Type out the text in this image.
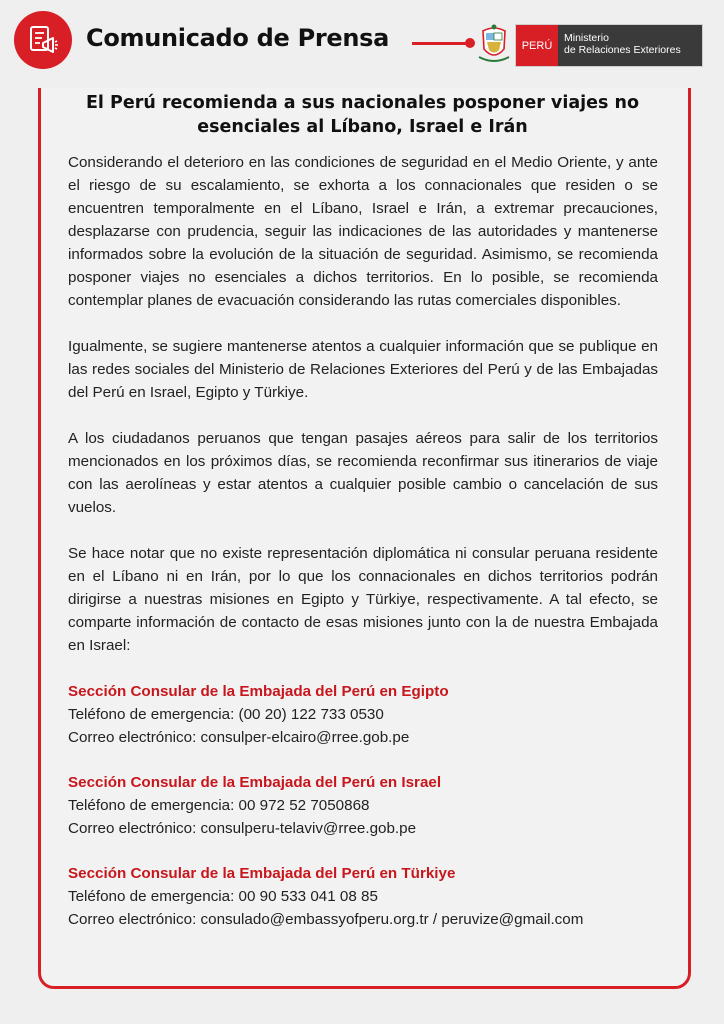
Comunicado de Prensa	PERÚ
Ministerio
de Relaciones Exteriores
El Perú recomienda a sus nacionales posponer viajes no esenciales al Líbano, Israel e Irán

Considerando el deterioro en las condiciones de seguridad en el Medio Oriente, y ante el riesgo de su escalamiento, se exhorta a los connacionales que residen o se encuentren temporalmente en el Líbano, Israel e Irán, a extremar precauciones, desplazarse con prudencia, seguir las indicaciones de las autoridades y mantenerse informados sobre la evolución de la situación de seguridad. Asimismo, se recomienda posponer viajes no esenciales a dichos territorios. En lo posible, se recomienda contemplar planes de evacuación considerando las rutas comerciales disponibles.

Igualmente, se sugiere mantenerse atentos a cualquier información que se publique en las redes sociales del Ministerio de Relaciones Exteriores del Perú y de las Embajadas del Perú en Israel, Egipto y Türkiye.

A los ciudadanos peruanos que tengan pasajes aéreos para salir de los territorios mencionados en los próximos días, se recomienda reconfirmar sus itinerarios de viaje con las aerolíneas y estar atentos a cualquier posible cambio o cancelación de sus vuelos.

Se hace notar que no existe representación diplomática ni consular peruana residente en el Líbano ni en Irán, por lo que los connacionales en dichos territorios podrán dirigirse a nuestras misiones en Egipto y Türkiye, respectivamente. A tal efecto, se comparte información de contacto de esas misiones junto con la de nuestra Embajada en Israel:

Sección Consular de la Embajada del Perú en Egipto
Teléfono de emergencia: (00 20) 122 733 0530
Correo electrónico: consulper-elcairo@rree.gob.pe
Sección Consular de la Embajada del Perú en Israel
Teléfono de emergencia: 00 972 52 7050868
Correo electrónico: consulperu-telaviv@rree.gob.pe
Sección Consular de la Embajada del Perú en Türkiye
Teléfono de emergencia: 00 90 533 041 08 85
Correo electrónico: consulado@embassyofperu.org.tr / peruvize@gmail.com
